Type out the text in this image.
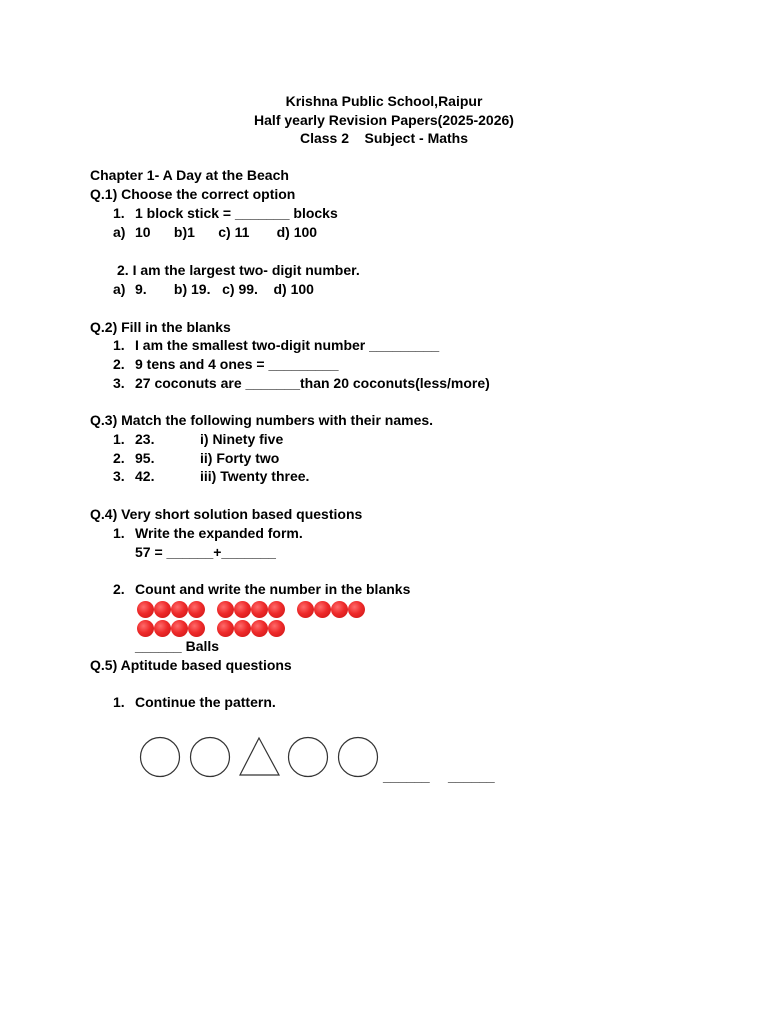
Krishna Public School,Raipur
Half yearly Revision Papers(2025-2026)
Class 2    Subject - Maths
Chapter 1- A Day at the Beach
Q.1) Choose the correct option
1. 1 block stick = _______ blocks
a) 10      b)1      c) 11       d) 100
2. I am the largest two- digit number.
a) 9.       b) 19.   c) 99.    d) 100
Q.2) Fill in the blanks
1. I am the smallest two-digit number _________
2. 9 tens and 4 ones = _________
3. 27 coconuts are _______than 20 coconuts(less/more)
Q.3) Match the following numbers with their names.
1. 23.	i) Ninety five
2. 95.	ii) Forty two
3. 42.	iii) Twenty three.
Q.4) Very short solution based questions
1. Write the expanded form.
57 = ______+_______
2. Count and write the number in the blanks
______ Balls
Q.5) Aptitude based questions
1. Continue the pattern.
______ ______
